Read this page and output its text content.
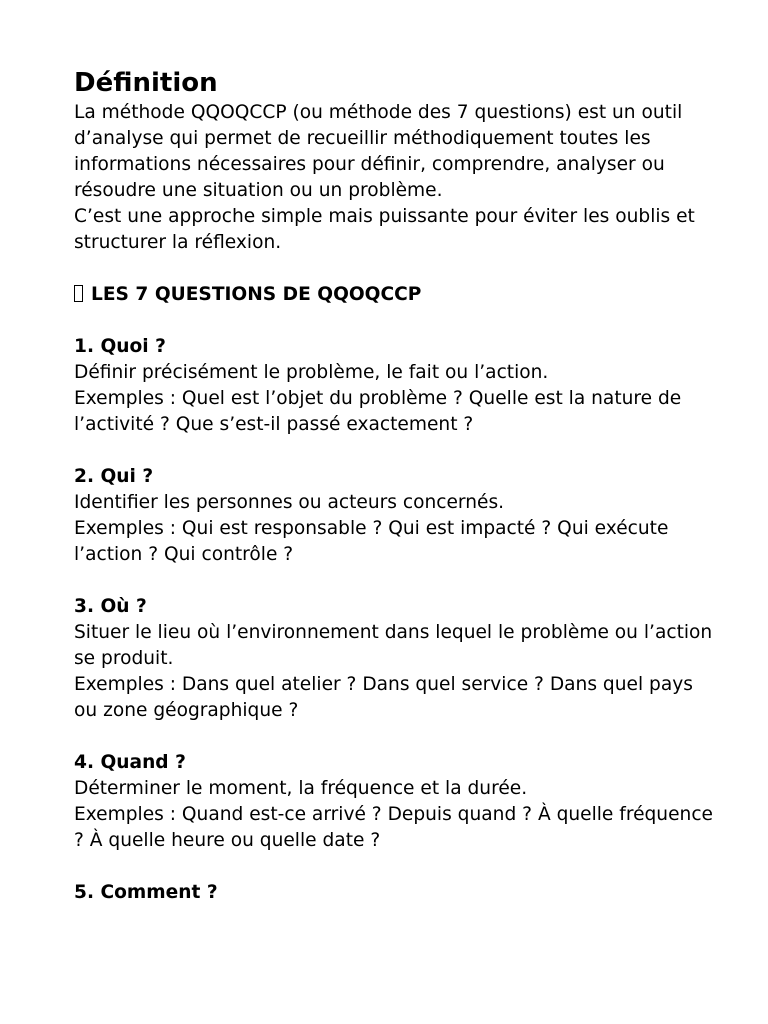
Définition

La méthode QQOQCCP (ou méthode des 7 questions) est un outil d’analyse qui permet de recueillir méthodiquement toutes les informations nécessaires pour définir, comprendre, analyser ou résoudre une situation ou un problème.

C’est une approche simple mais puissante pour éviter les oublis et structurer la réflexion.

LES 7 QUESTIONS DE QQOQCCP

1. Quoi ?

Définir précisément le problème, le fait ou l’action.

Exemples : Quel est l’objet du problème ? Quelle est la nature de l’activité ? Que s’est-il passé exactement ?

2. Qui ?

Identifier les personnes ou acteurs concernés.

Exemples : Qui est responsable ? Qui est impacté ? Qui exécute l’action ? Qui contrôle ?

3. Où ?

Situer le lieu où l’environnement dans lequel le problème ou l’action se produit.

Exemples : Dans quel atelier ? Dans quel service ? Dans quel pays ou zone géographique ?

4. Quand ?

Déterminer le moment, la fréquence et la durée.

Exemples : Quand est-ce arrivé ? Depuis quand ? À quelle fréquence ? À quelle heure ou quelle date ?

5. Comment ?
